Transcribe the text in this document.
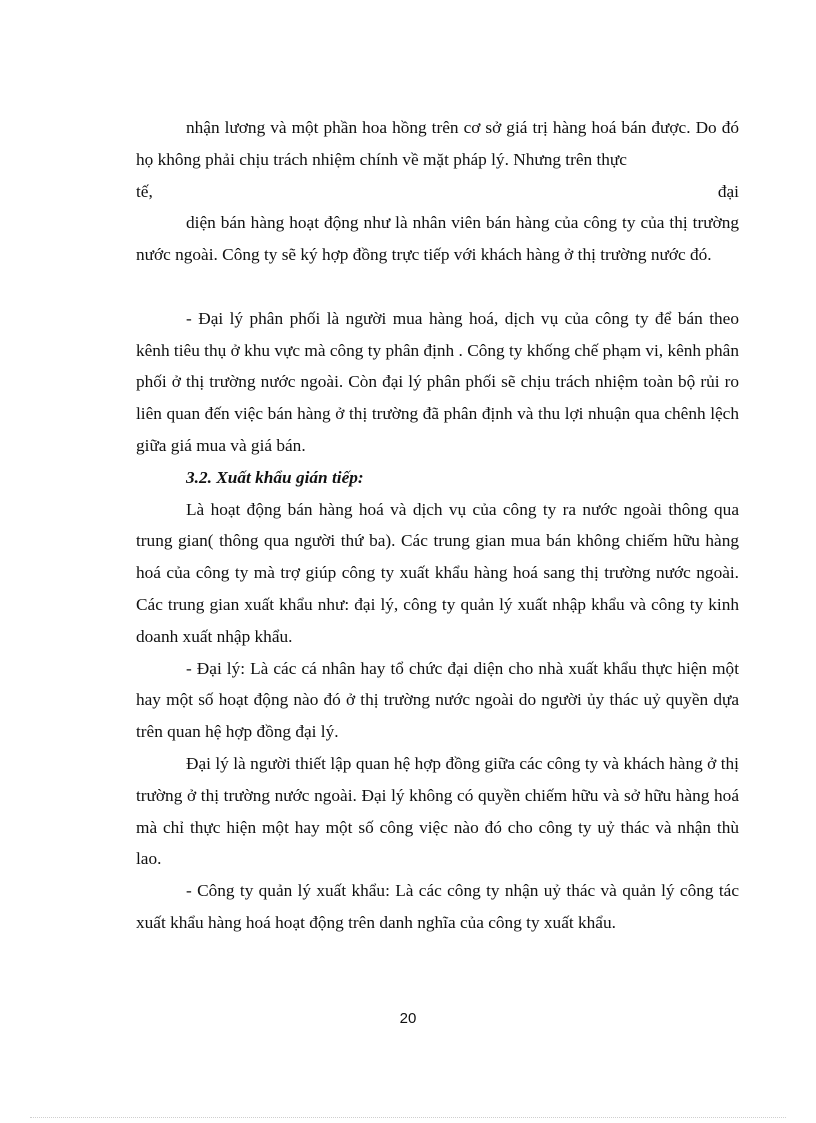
nhận lương và một phần hoa hồng trên cơ sở giá trị hàng hoá bán được. Do đó họ không phải chịu trách nhiệm chính về mặt pháp lý. Nhưng trên thực

tế,	đại

diện bán hàng hoạt động như là nhân viên bán hàng của công ty của thị trường nước ngoài. Công ty sẽ ký hợp đồng trực tiếp với khách hàng ở thị trường nước đó.

- Đại lý phân phối là người mua hàng hoá, dịch vụ của công ty để bán theo kênh tiêu thụ ở khu vực mà công ty phân định . Công ty khống chế phạm vi, kênh phân phối ở thị trường nước ngoài. Còn đại lý phân phối sẽ chịu trách nhiệm toàn bộ rủi ro liên quan đến việc bán hàng ở thị trường đã phân định và thu lợi nhuận qua chênh lệch giữa giá mua và giá bán.

3.2. Xuất khẩu gián tiếp:

Là hoạt động bán hàng hoá và dịch vụ của công ty ra nước ngoài thông qua trung gian( thông qua người thứ ba). Các trung gian mua bán không chiếm hữu hàng hoá của công ty mà trợ giúp công ty xuất khẩu hàng hoá sang thị trường nước ngoài. Các trung gian xuất khẩu như: đại lý, công ty quản lý xuất nhập khẩu và công ty kinh doanh xuất nhập khẩu.

- Đại lý: Là các cá nhân hay tổ chức đại diện cho nhà xuất khẩu thực hiện một hay một số hoạt động nào đó ở thị trường nước ngoài do người ủy thác uỷ quyền dựa trên quan hệ hợp đồng đại lý.

Đại lý là người thiết lập quan hệ hợp đồng giữa các công ty và khách hàng ở thị trường ở thị trường nước ngoài. Đại lý không có quyền chiếm hữu và sở hữu hàng hoá mà chỉ thực hiện một hay một số công việc nào đó cho công ty uỷ thác và nhận thù lao.

- Công ty quản lý xuất khẩu: Là các công ty nhận uỷ thác và quản lý công tác xuất khẩu hàng hoá hoạt động trên danh nghĩa của công ty xuất khẩu.

20
